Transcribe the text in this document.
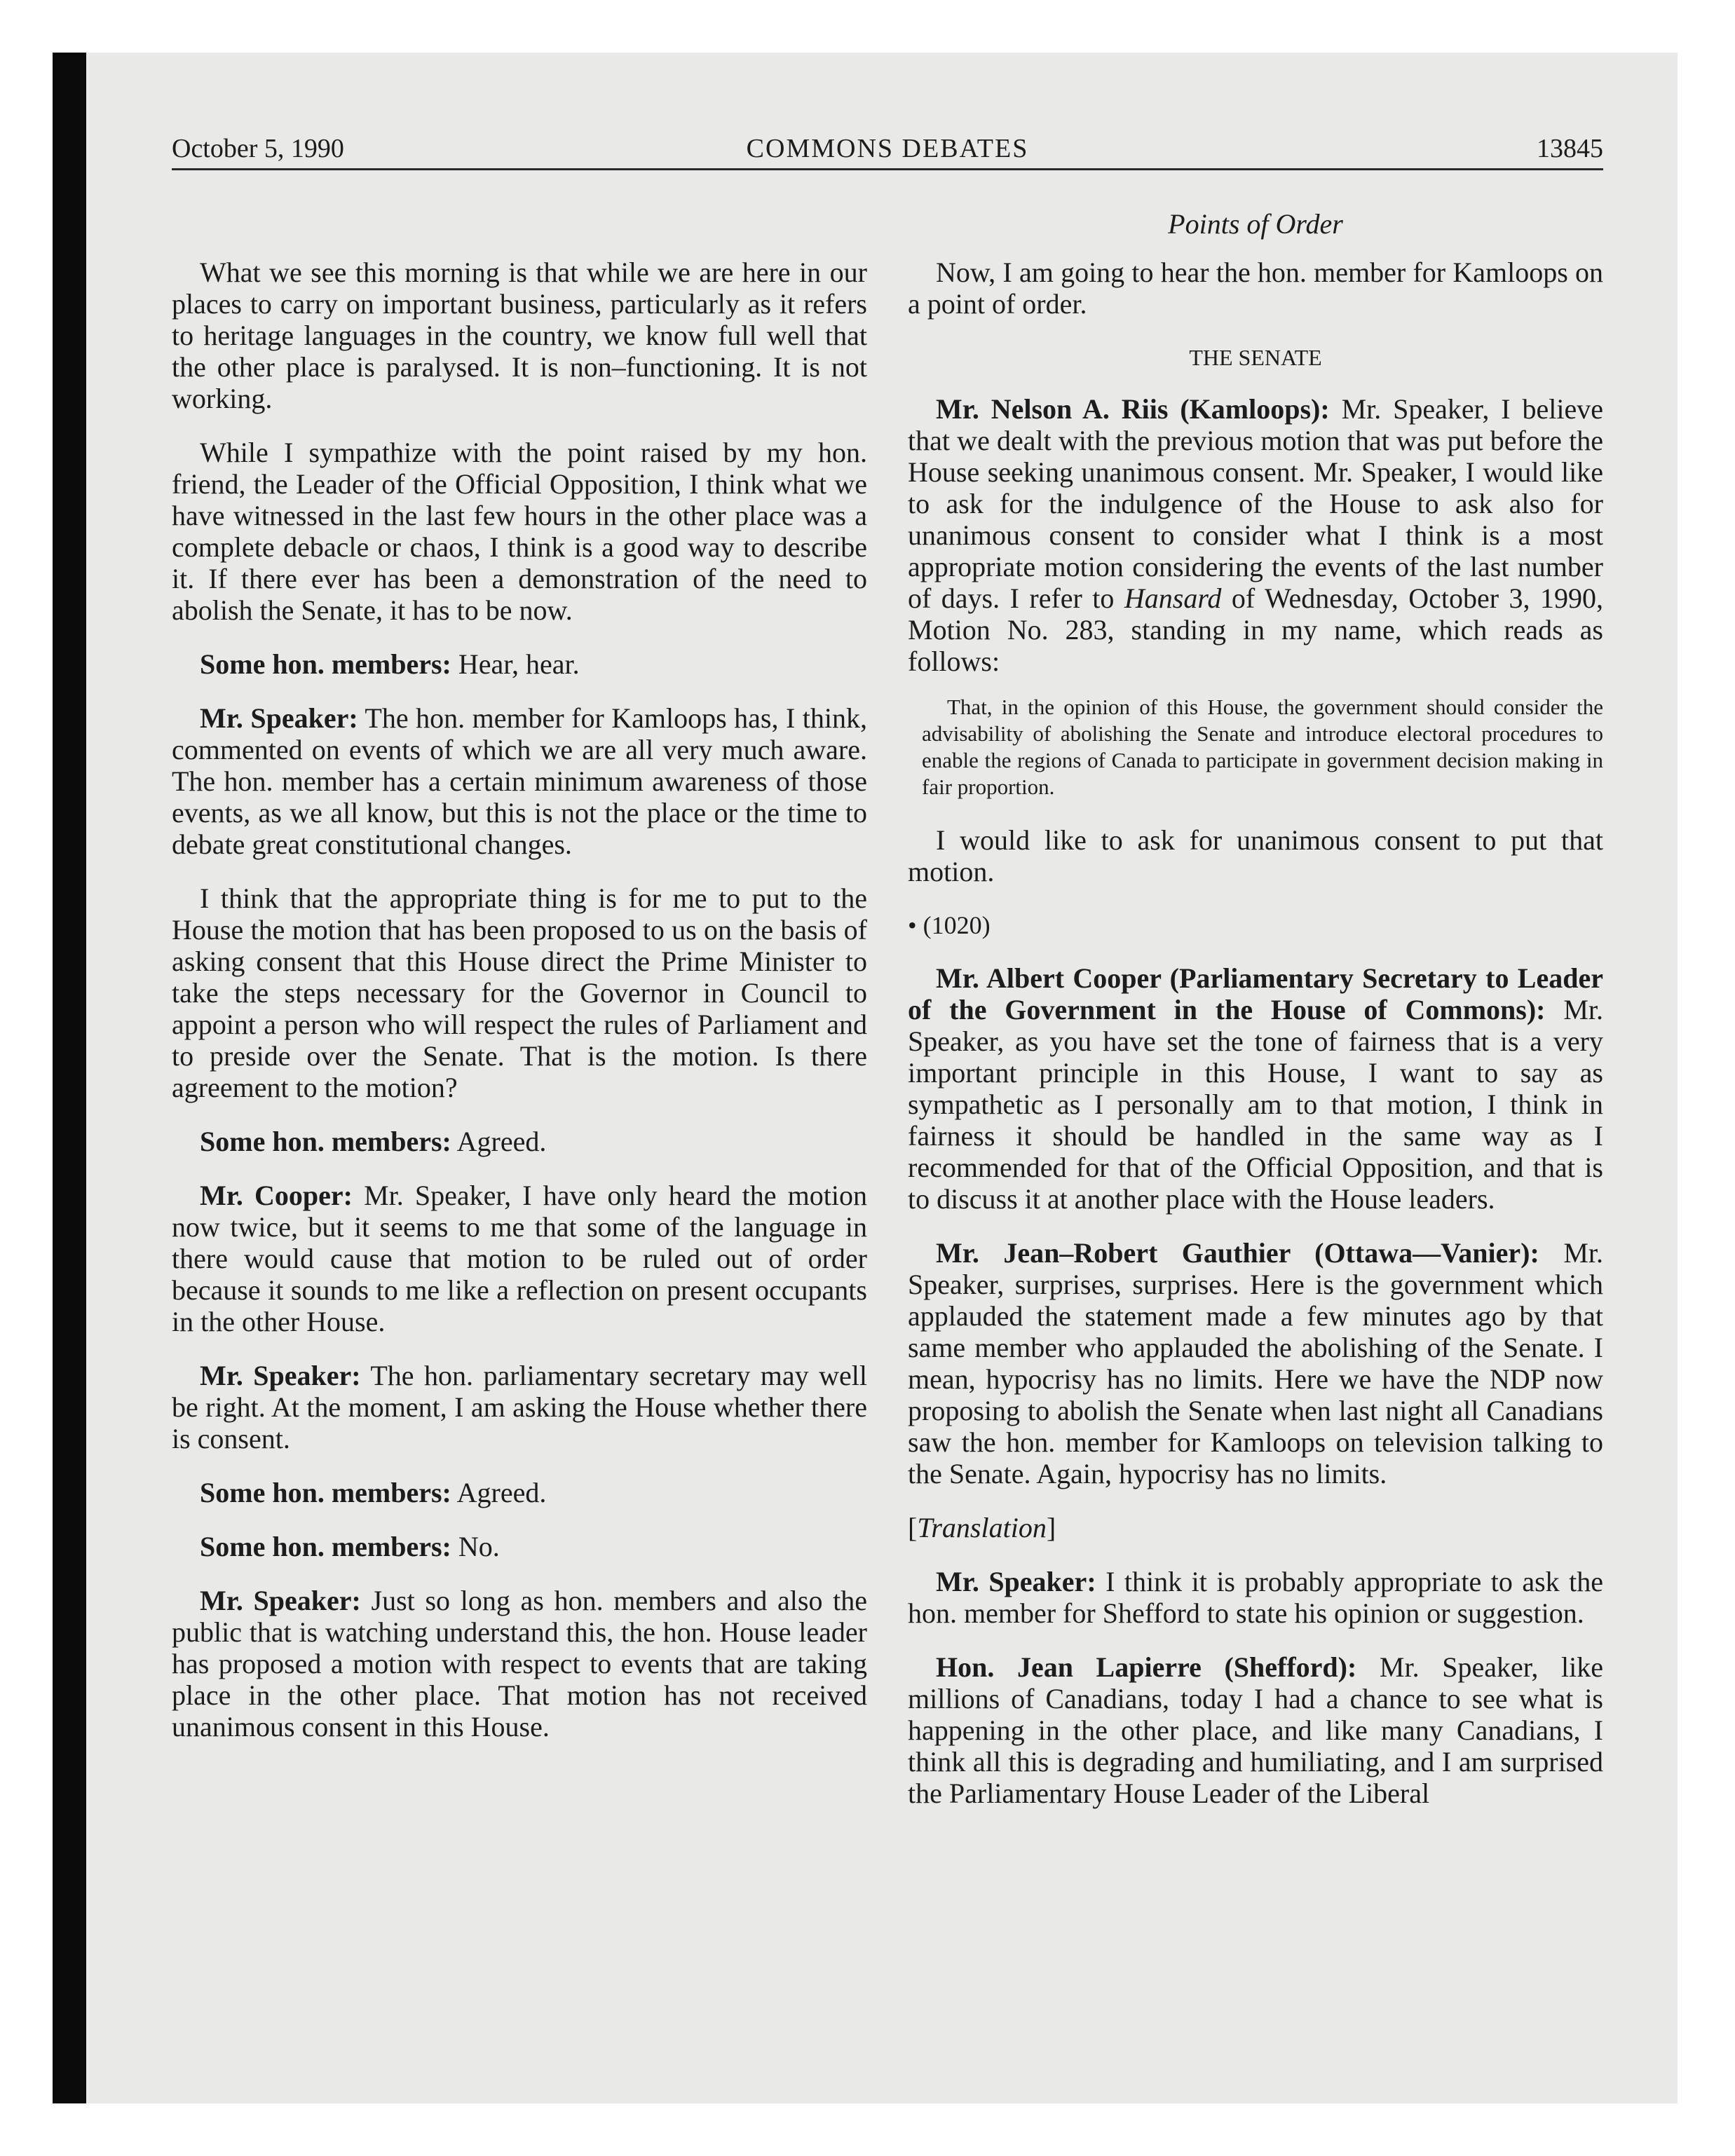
October 5, 1990	COMMONS DEBATES	13845
Points of Order

What we see this morning is that while we are here in our places to carry on important business, particularly as it refers to heritage languages in the country, we know full well that the other place is paralysed. It is non–functioning. It is not working.

While I sympathize with the point raised by my hon. friend, the Leader of the Official Opposition, I think what we have witnessed in the last few hours in the other place was a complete debacle or chaos, I think is a good way to describe it. If there ever has been a demonstration of the need to abolish the Senate, it has to be now.

Some hon. members: Hear, hear.

Mr. Speaker: The hon. member for Kamloops has, I think, commented on events of which we are all very much aware. The hon. member has a certain minimum awareness of those events, as we all know, but this is not the place or the time to debate great constitutional changes.

I think that the appropriate thing is for me to put to the House the motion that has been proposed to us on the basis of asking consent that this House direct the Prime Minister to take the steps necessary for the Governor in Council to appoint a person who will respect the rules of Parliament and to preside over the Senate. That is the motion. Is there agreement to the motion?

Some hon. members: Agreed.

Mr. Cooper: Mr. Speaker, I have only heard the motion now twice, but it seems to me that some of the language in there would cause that motion to be ruled out of order because it sounds to me like a reflection on present occupants in the other House.

Mr. Speaker: The hon. parliamentary secretary may well be right. At the moment, I am asking the House whether there is consent.

Some hon. members: Agreed.

Some hon. members: No.

Mr. Speaker: Just so long as hon. members and also the public that is watching understand this, the hon. House leader has proposed a motion with respect to events that are taking place in the other place. That motion has not received unanimous consent in this House.

Now, I am going to hear the hon. member for Kamloops on a point of order.

THE SENATE

Mr. Nelson A. Riis (Kamloops): Mr. Speaker, I believe that we dealt with the previous motion that was put before the House seeking unanimous consent. Mr. Speaker, I would like to ask for the indulgence of the House to ask also for unanimous consent to consider what I think is a most appropriate motion considering the events of the last number of days. I refer to Hansard of Wednesday, October 3, 1990, Motion No. 283, standing in my name, which reads as follows:

That, in the opinion of this House, the government should consider the advisability of abolishing the Senate and introduce electoral procedures to enable the regions of Canada to participate in government decision making in fair proportion.

I would like to ask for unanimous consent to put that motion.

• (1020)

Mr. Albert Cooper (Parliamentary Secretary to Leader of the Government in the House of Commons): Mr. Speaker, as you have set the tone of fairness that is a very important principle in this House, I want to say as sympathetic as I personally am to that motion, I think in fairness it should be handled in the same way as I recommended for that of the Official Opposition, and that is to discuss it at another place with the House leaders.

Mr. Jean–Robert Gauthier (Ottawa—Vanier): Mr. Speaker, surprises, surprises. Here is the government which applauded the statement made a few minutes ago by that same member who applauded the abolishing of the Senate. I mean, hypocrisy has no limits. Here we have the NDP now proposing to abolish the Senate when last night all Canadians saw the hon. member for Kamloops on television talking to the Senate. Again, hypocrisy has no limits.

[Translation]

Mr. Speaker: I think it is probably appropriate to ask the hon. member for Shefford to state his opinion or suggestion.

Hon. Jean Lapierre (Shefford): Mr. Speaker, like millions of Canadians, today I had a chance to see what is happening in the other place, and like many Canadians, I think all this is degrading and humiliating, and I am surprised the Parliamentary House Leader of the Liberal
